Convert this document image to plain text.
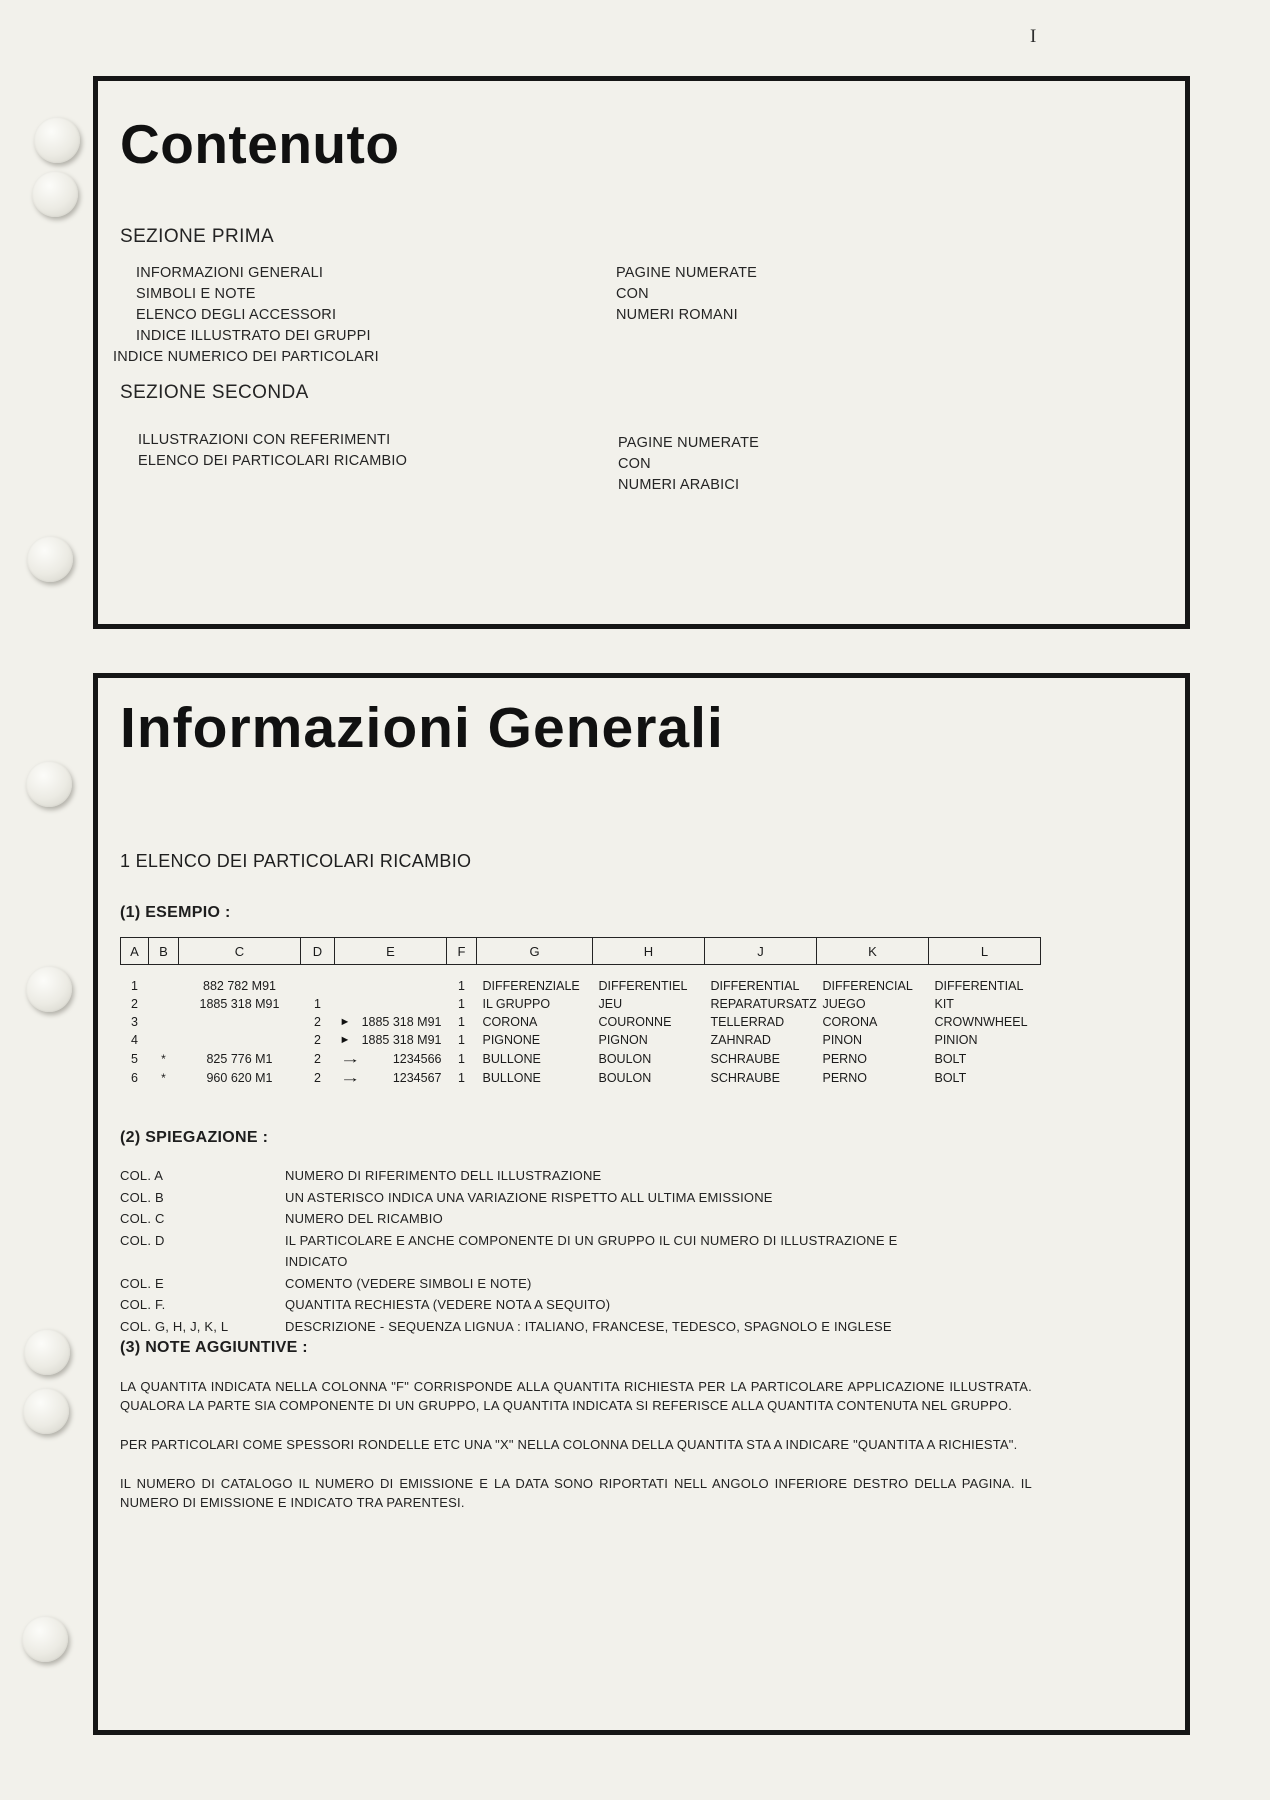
I
Contenuto
SEZIONE PRIMA
INFORMAZIONI GENERALI
SIMBOLI E NOTE
ELENCO DEGLI ACCESSORI
INDICE ILLUSTRATO DEI GRUPPI
INDICE NUMERICO DEI PARTICOLARI
PAGINE NUMERATE
CON
NUMERI ROMANI
SEZIONE SECONDA
ILLUSTRAZIONI CON REFERIMENTI
ELENCO DEI PARTICOLARI RICAMBIO
PAGINE NUMERATE
CON
NUMERI ARABICI
Informazioni Generali
1 ELENCO DEI PARTICOLARI RICAMBIO
(1) ESEMPIO :
A	B	C	D	E	F	G	H	J	K	L
1		882 782 M91			1	DIFFERENZIALE	DIFFERENTIEL	DIFFERENTIAL	DIFFERENCIAL	DIFFERENTIAL
2		1885 318 M91	1		1	IL GRUPPO	JEU	REPARATURSATZ	JUEGO	KIT
3			2	► 1885 318 M91	1	CORONA	COURONNE	TELLERRAD	CORONA	CROWNWHEEL
4			2	► 1885 318 M91	1	PIGNONE	PIGNON	ZAHNRAD	PINON	PINION
5	*	825 776 M1	2	→ 1234566	1	BULLONE	BOULON	SCHRAUBE	PERNO	BOLT
6	*	960 620 M1	2	→ 1234567	1	BULLONE	BOULON	SCHRAUBE	PERNO	BOLT
(2) SPIEGAZIONE :
COL. A	NUMERO DI RIFERIMENTO DELL ILLUSTRAZIONE
COL. B	UN ASTERISCO INDICA UNA VARIAZIONE RISPETTO ALL ULTIMA EMISSIONE
COL. C	NUMERO DEL RICAMBIO
COL. D	IL PARTICOLARE E ANCHE COMPONENTE DI UN GRUPPO IL CUI NUMERO DI ILLUSTRAZIONE E INDICATO
COL. E	COMENTO (VEDERE SIMBOLI E NOTE)
COL. F.	QUANTITA RECHIESTA (VEDERE NOTA A SEQUITO)
COL. G, H, J, K, L	DESCRIZIONE - SEQUENZA LIGNUA : ITALIANO, FRANCESE, TEDESCO, SPAGNOLO E INGLESE
(3) NOTE AGGIUNTIVE :

LA QUANTITA INDICATA NELLA COLONNA "F" CORRISPONDE ALLA QUANTITA RICHIESTA PER LA PARTICOLARE APPLICAZIONE ILLUSTRATA. QUALORA LA PARTE SIA COMPONENTE DI UN GRUPPO, LA QUANTITA INDICATA SI REFERISCE ALLA QUANTITA CONTENUTA NEL GRUPPO.

PER PARTICOLARI COME SPESSORI RONDELLE ETC UNA "X" NELLA COLONNA DELLA QUANTITA STA A INDICARE "QUANTITA A RICHIESTA".

IL NUMERO DI CATALOGO IL NUMERO DI EMISSIONE E LA DATA SONO RIPORTATI NELL ANGOLO INFERIORE DESTRO DELLA PAGINA. IL NUMERO DI EMISSIONE E INDICATO TRA PARENTESI.
